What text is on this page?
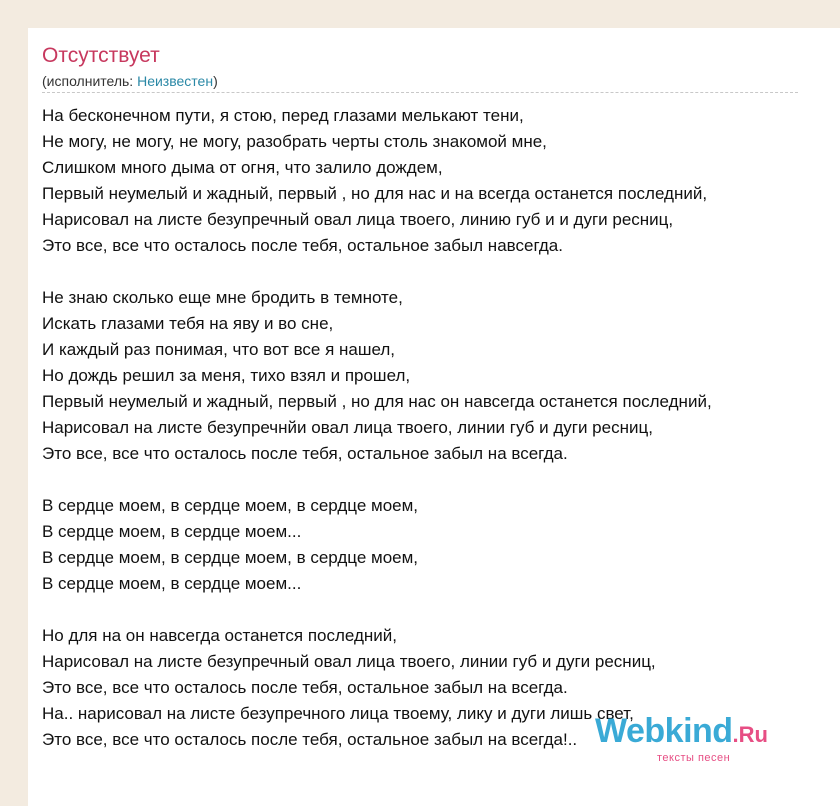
Отсутствует
(исполнитель: Неизвестен)
На бесконечном пути, я стою, перед глазами мелькают тени,
Не могу, не могу, не могу, разобрать черты столь знакомой мне,
Слишком много дыма от огня, что залило дождем,
Первый неумелый и жадный, первый , но для нас и на всегда останется последний,
Нарисовал на листе безупречный овал лица твоего, линию губ и и дуги ресниц,
Это все, все что осталось после тебя, остальное забыл навсегда.
Не знаю сколько еще мне бродить в темноте,
Искать глазами тебя на яву и во сне,
И каждый раз понимая, что вот все я нашел,
Но дождь решил за меня, тихо взял и прошел,
Первый неумелый и жадный, первый , но для нас он навсегда останется последний,
Нарисовал на листе безупречнйи овал лица твоего, линии губ и дуги ресниц,
Это все, все что осталось после тебя, остальное забыл на всегда.
В сердце моем, в сердце моем, в сердце моем,
В сердце моем, в сердце моем...
В сердце моем, в сердце моем, в сердце моем,
В сердце моем, в сердце моем...
Но для на он навсегда останется последний,
Нарисовал на листе безупречный овал лица твоего, линии губ и дуги ресниц,
Это все, все что осталось после тебя, остальное забыл на всегда.
На.. нарисовал на листе безупречного лица твоему, лику и дуги лишь свет,
Это все, все что осталось после тебя, остальное забыл на всегда!.. Webkind.Ru
тексты песен
